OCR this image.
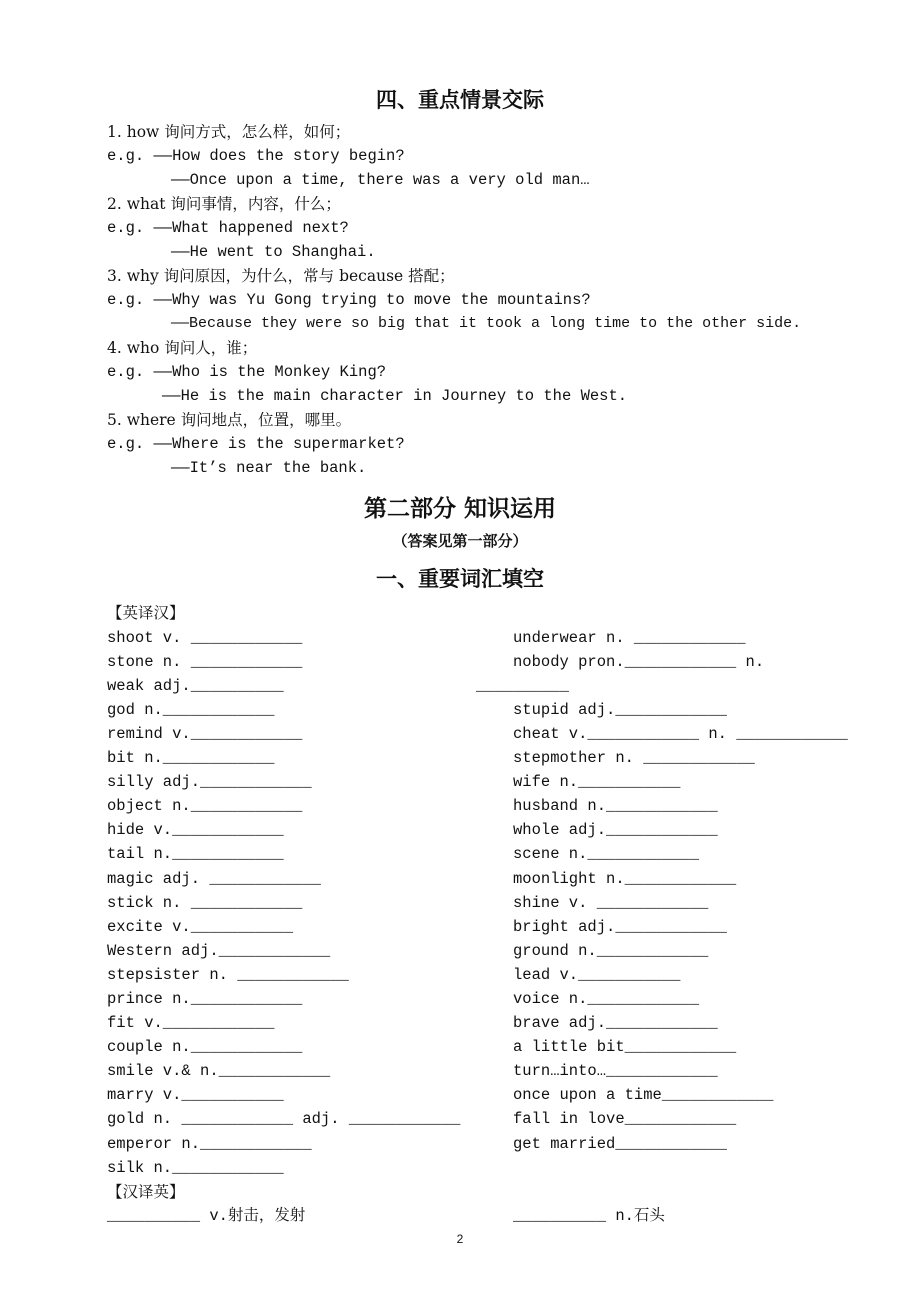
四、重点情景交际
1. how 询问方式，怎么样，如何；
e.g. ——How does the story begin?
——Once upon a time, there was a very old man…
2. what 询问事情，内容，什么；
e.g. ——What happened next?
——He went to Shanghai.
3. why 询问原因，为什么，常与 because 搭配；
e.g. ——Why was Yu Gong trying to move the mountains?
——Because they were so big that it took a long time to the other side.
4. who 询问人，谁；
e.g. ——Who is the Monkey King?
——He is the main character in Journey to the West.
5. where 询问地点，位置，哪里。
e.g. ——Where is the supermarket?
——It’s near the bank.
第二部分 知识运用
（答案见第一部分）
一、重要词汇填空
【英译汉】
shoot v. ____________
stone n. ____________
weak adj.__________
god n.____________
remind v.____________
bit n.____________
silly adj.____________
object n.____________
hide v.____________
tail n.____________
magic adj. ____________
stick n. ____________
excite v.___________
Western adj.____________
stepsister n. ____________
prince n.____________
fit v.____________
couple n.____________
smile v.& n.____________
marry v.___________
gold n. ____________ adj. ____________
emperor n.____________
silk n.____________
underwear n. ____________
nobody pron.____________ n.
__________
stupid adj.____________
cheat v.____________ n. ____________
stepmother n. ____________
wife n.___________
husband n.____________
whole adj.____________
scene n.____________
moonlight n.____________
shine v. ____________
bright adj.____________
ground n.____________
lead v.___________
voice n.____________
brave adj.____________
a little bit____________
turn…into…____________
once upon a time____________
fall in love____________
get married____________
【汉译英】
__________ v.射击，发射	__________ n.石头
2
